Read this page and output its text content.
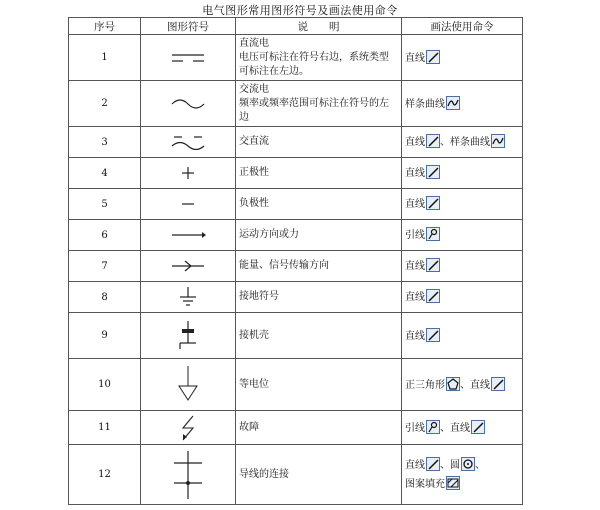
电气图形常用图形符号及画法使用命令
序号	图形符号	说　　明	画法使用命令
1		直流电
电压可标注在符号右边，系统类型
可标注在左边。	直线

2		交流电
频率或频率范围可标注在符号的左
边	样条曲线

3		交直流	直线 、样条曲线

4		正极性	直线

5		负极性	直线

6		运动方向或力	引线

7		能量、信号传输方向	直线

8		接地符号	直线

9		接机壳	直线

10		等电位	正三角形 、直线

11		故障	引线 、直线

12		导线的连接	直线 、圆 、
图案填充
